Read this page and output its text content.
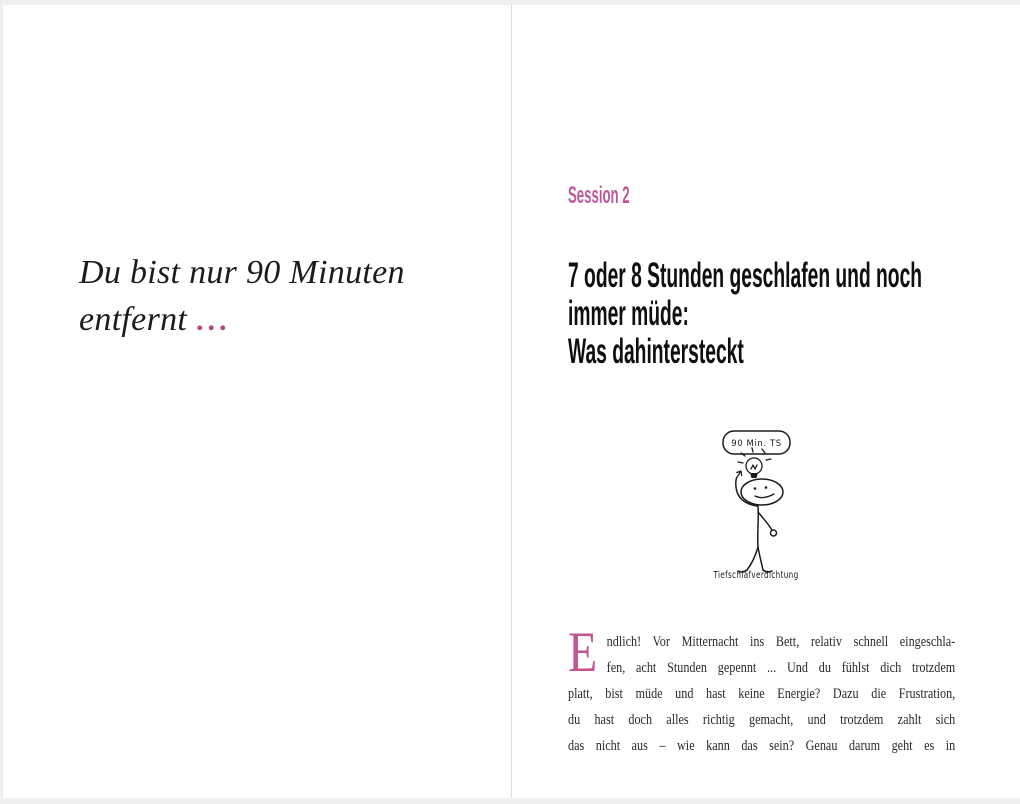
Du bist nur 90 Minuten
entfernt ...
Session 2
7 oder 8 Stunden geschlafen und noch
immer müde:
Was dahintersteckt
90 Min. TS
Tiefschlafverdichtung
E ndlich! Vor Mitternacht ins Bett, relativ schnell eingeschla-
fen, acht Stunden gepennt ... Und du fühlst dich trotzdem
platt, bist müde und hast keine Energie? Dazu die Frustration,
du hast doch alles richtig gemacht, und trotzdem zahlt sich
das nicht aus – wie kann das sein? Genau darum geht es in
